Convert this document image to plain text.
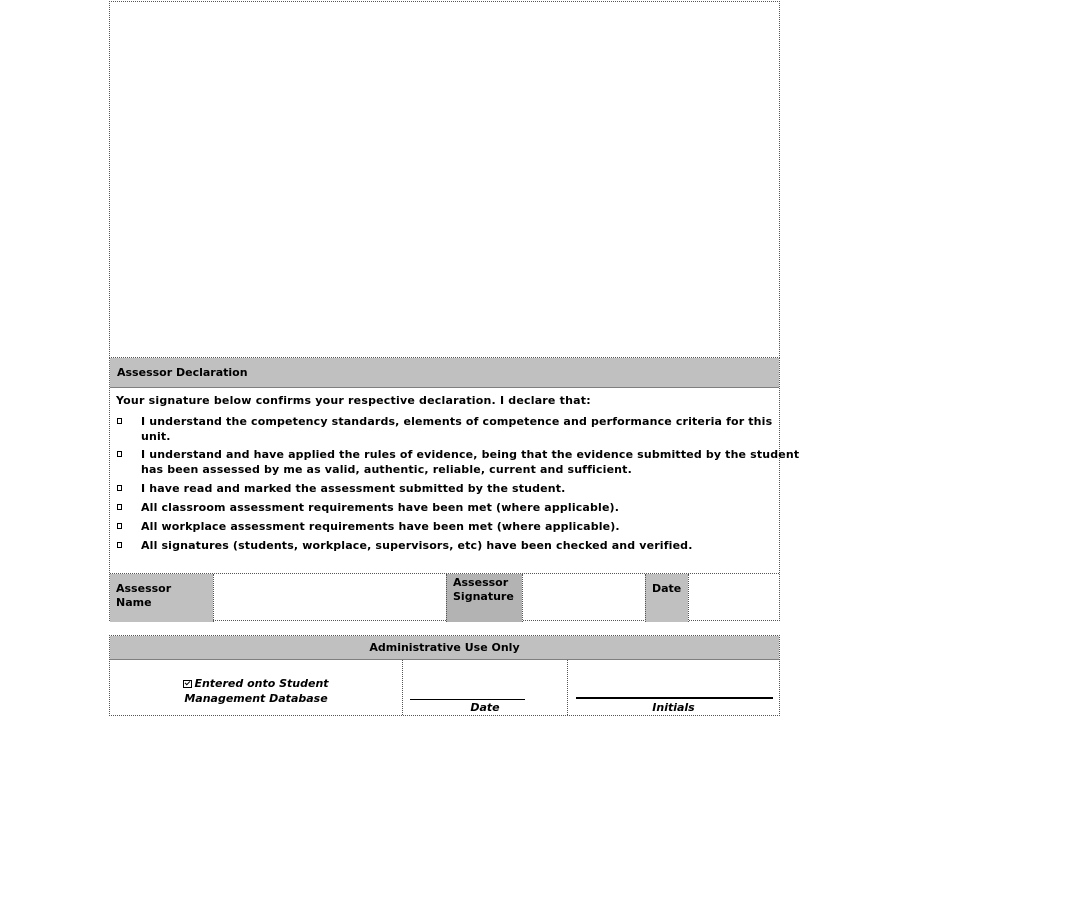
Assessor Declaration
Your signature below confirms your respective declaration. I declare that:
I understand the competency standards, elements of competence and performance criteria for this unit.
I understand and have applied the rules of evidence, being that the evidence submitted by the student has been assessed by me as valid, authentic, reliable, current and sufficient.
I have read and marked the assessment submitted by the student.
All classroom assessment requirements have been met (where applicable).
All workplace assessment requirements have been met (where applicable).
All signatures (students, workplace, supervisors, etc) have been checked and verified.
Assessor Name
Assessor Signature
Date
Administrative Use Only
Entered onto Student Management Database
Date	Initials
